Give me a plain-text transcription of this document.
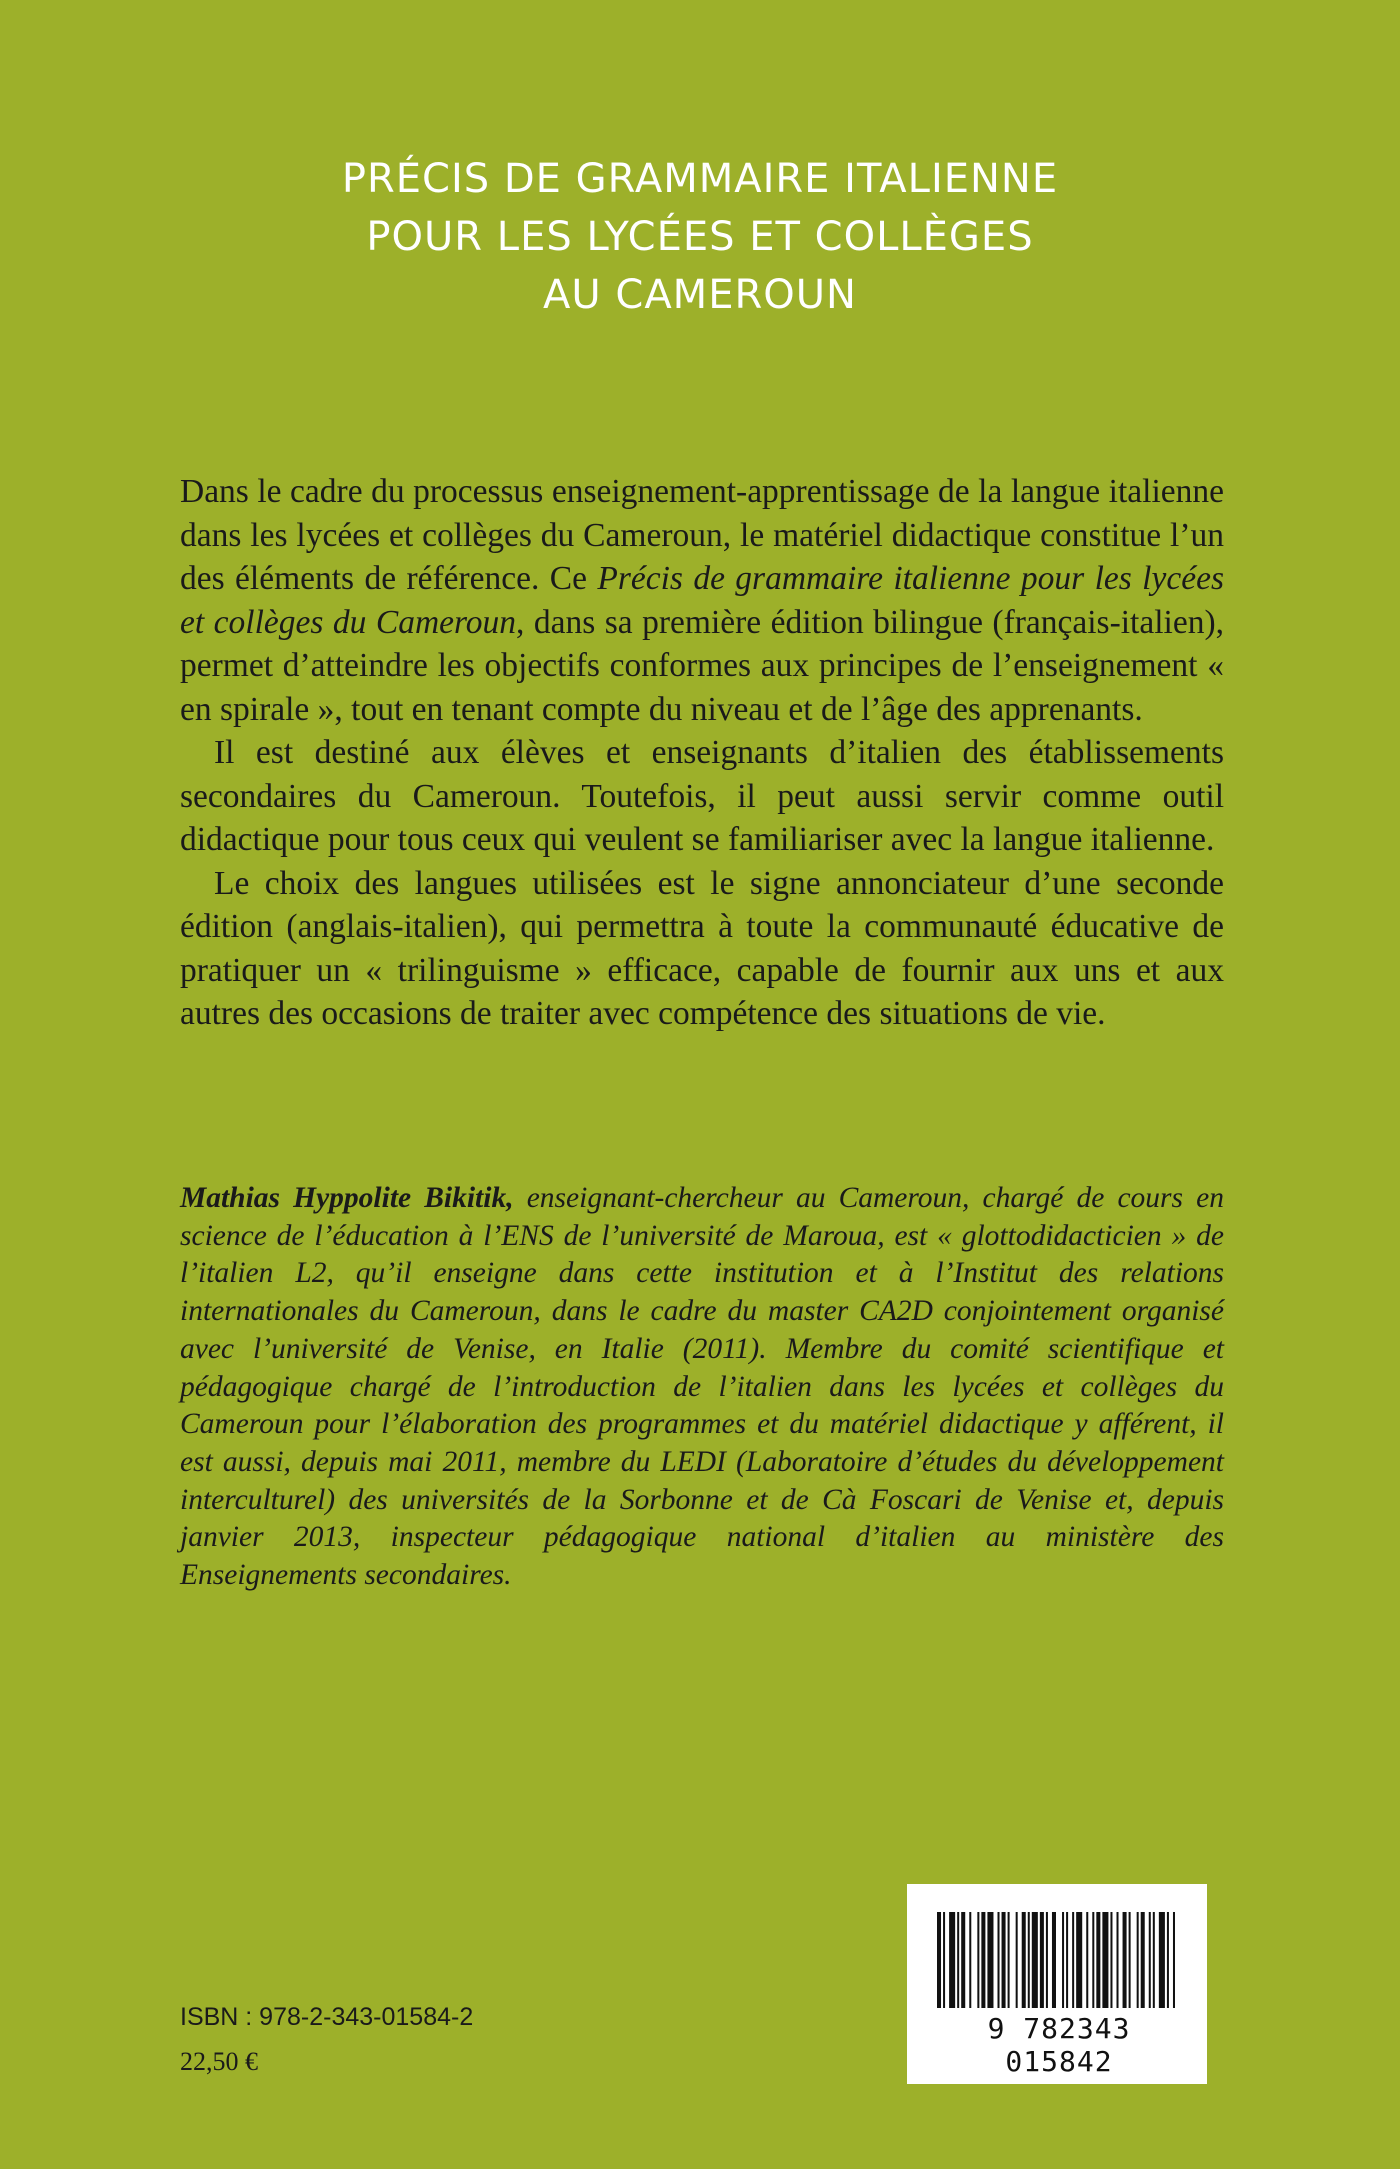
PRÉCIS DE GRAMMAIRE ITALIENNE
POUR LES LYCÉES ET COLLÈGES
AU CAMEROUN

Dans le cadre du processus enseignement-apprentissage de la langue italienne dans les lycées et collèges du Cameroun, le matériel didactique constitue l’un des éléments de référence. Ce Précis de grammaire italienne pour les lycées et collèges du Cameroun, dans sa première édition bilingue (français-italien), permet d’atteindre les objectifs conformes aux principes de l’enseignement « en spirale », tout en tenant compte du niveau et de l’âge des apprenants.

Il est destiné aux élèves et enseignants d’italien des établissements secondaires du Cameroun. Toutefois, il peut aussi servir comme outil didactique pour tous ceux qui veulent se familiariser avec la langue italienne.

Le choix des langues utilisées est le signe annonciateur d’une seconde édition (anglais-italien), qui permettra à toute la communauté éducative de pratiquer un « trilinguisme » efficace, capable de fournir aux uns et aux autres des occasions de traiter avec compétence des situations de vie.

Mathias Hyppolite Bikitik, enseignant-chercheur au Cameroun, chargé de cours en science de l’éducation à l’ENS de l’université de Maroua, est « glottodidacticien » de l’italien L2, qu’il enseigne dans cette institution et à l’Institut des relations internationales du Cameroun, dans le cadre du master CA2D conjointement organisé avec l’université de Venise, en Italie (2011). Membre du comité scientifique et pédagogique chargé de l’introduction de l’italien dans les lycées et collèges du Cameroun pour l’élaboration des programmes et du matériel didactique y afférent, il est aussi, depuis mai 2011, membre du LEDI (Laboratoire d’études du développement interculturel) des universités de la Sorbonne et de Cà Foscari de Venise et, depuis janvier 2013, inspecteur pédagogique national d’italien au ministère des Enseignements secondaires.

ISBN : 978-2-343-01584-2
22,50 €
9 782343 015842
